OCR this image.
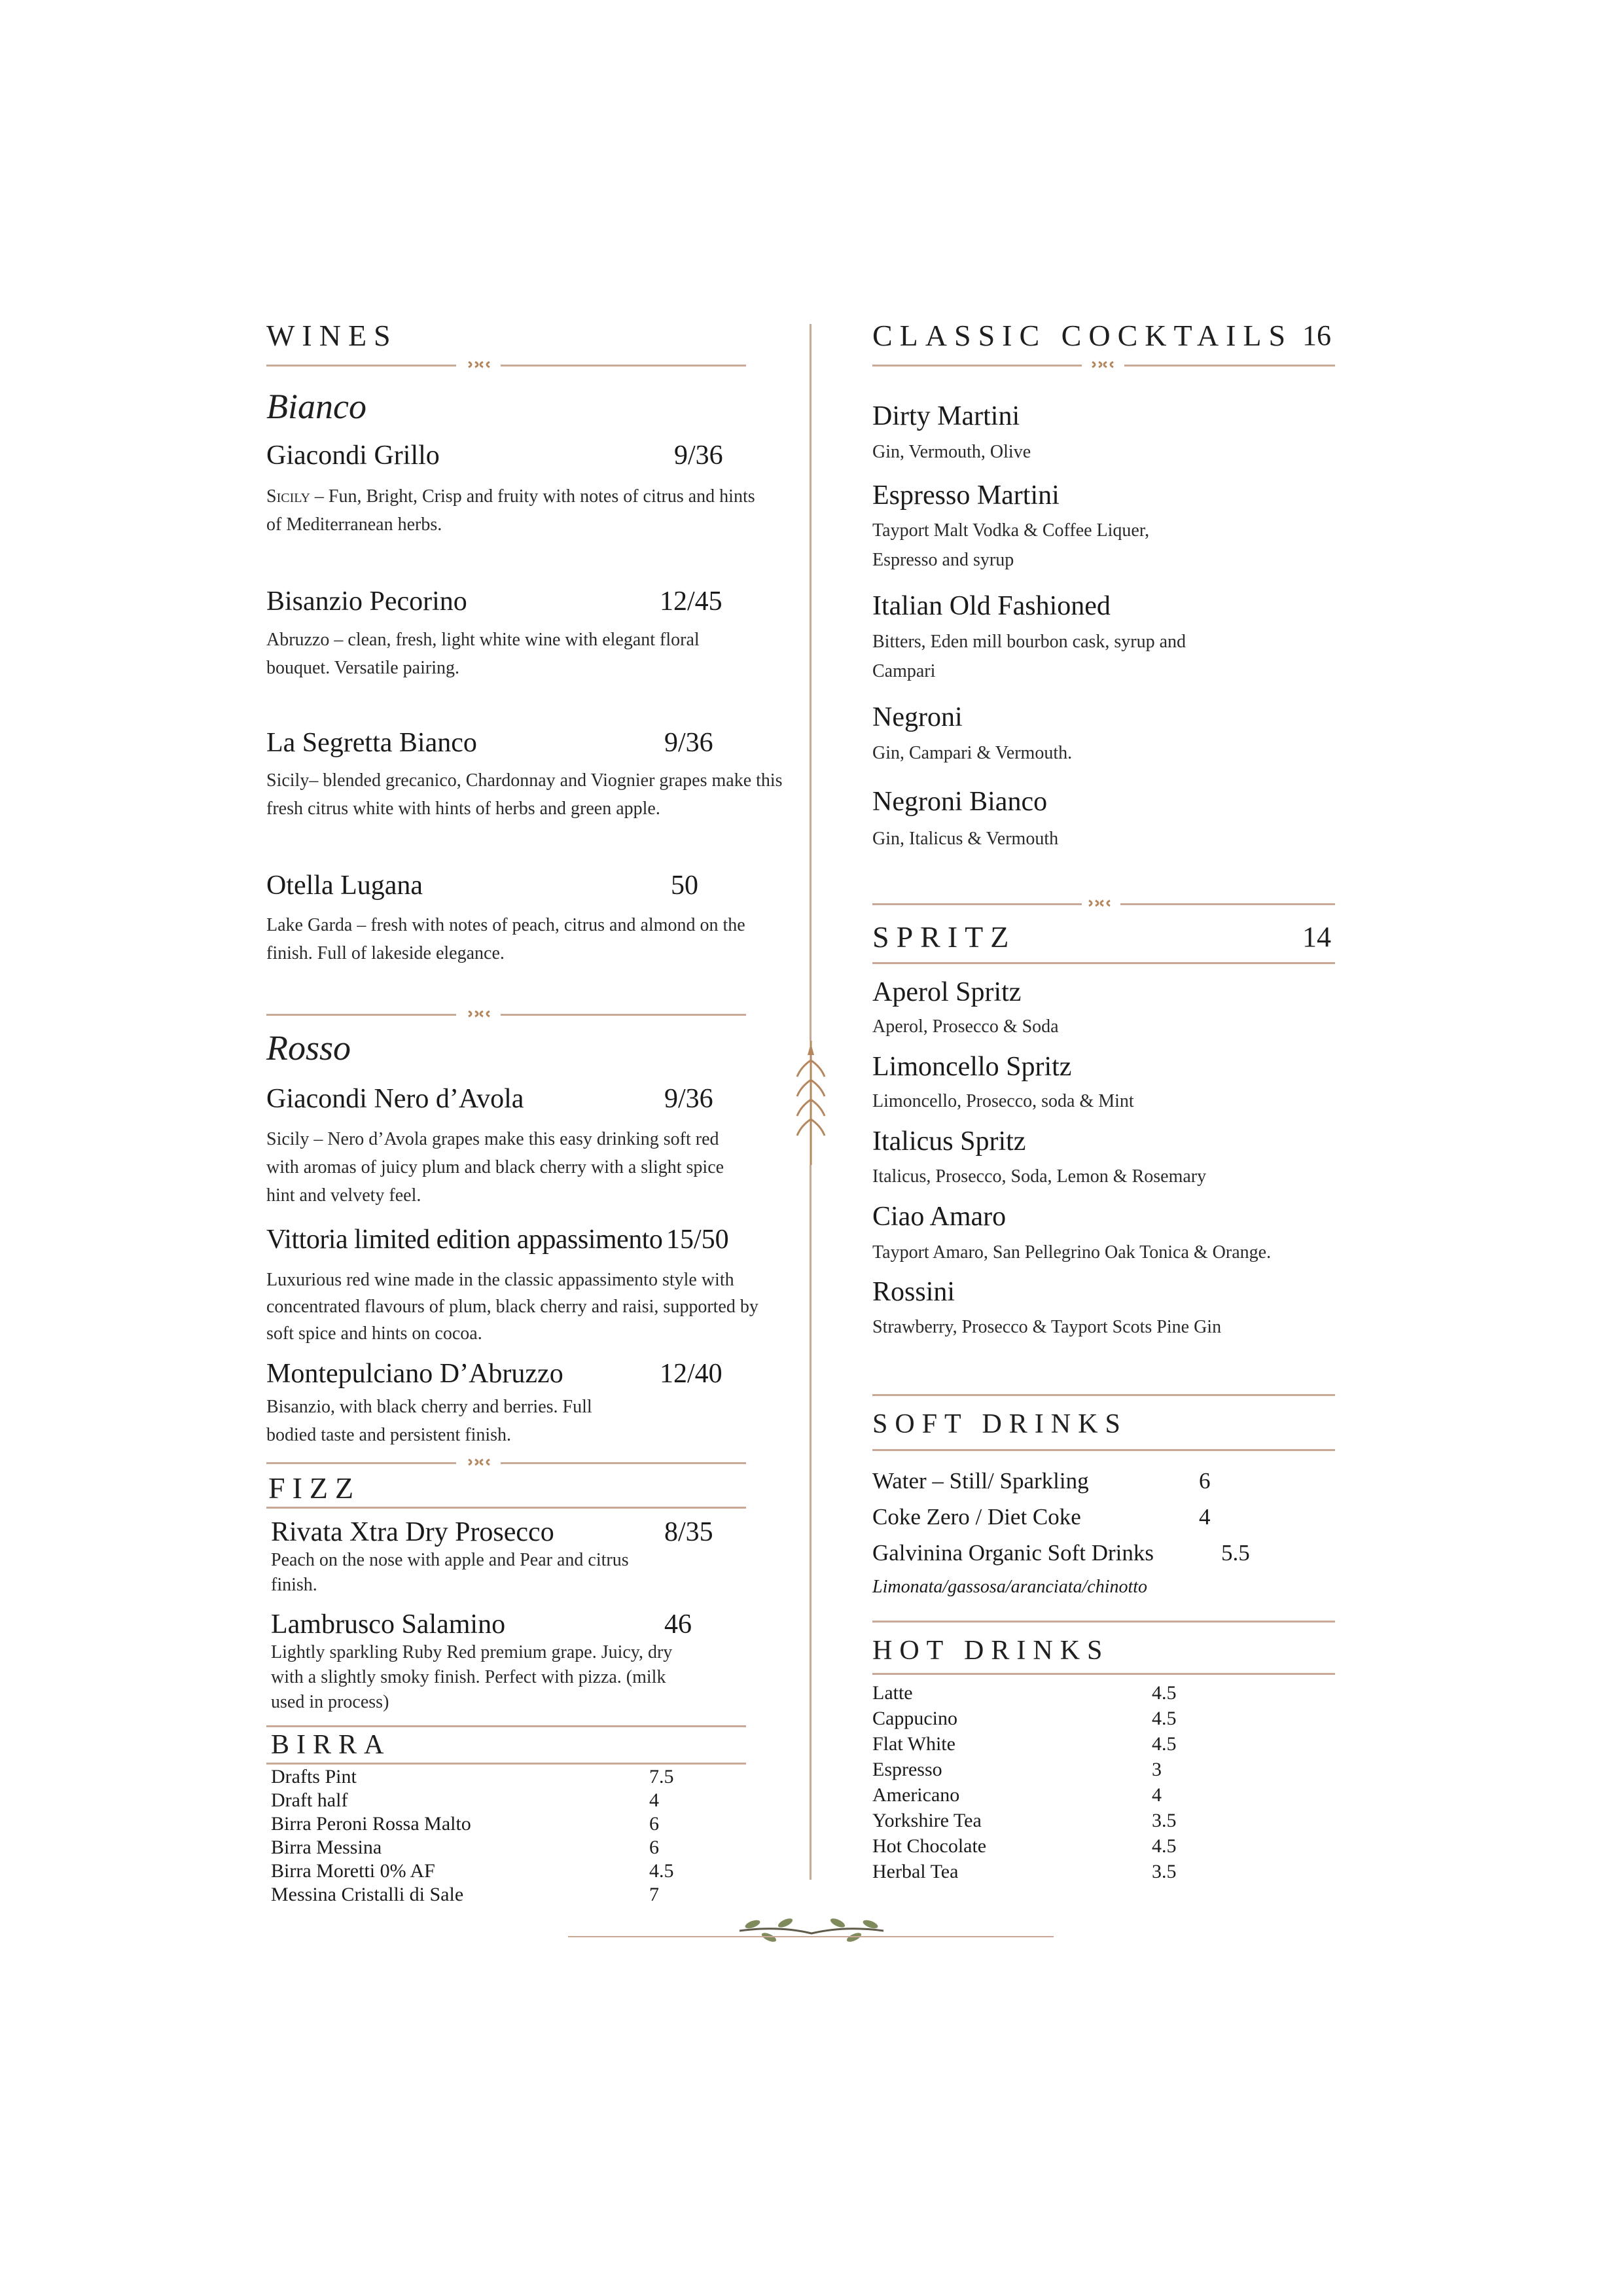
WINES
Bianco
Giacondi Grillo	9/36
Sicily – Fun, Bright, Crisp and fruity with notes of citrus and hints of Mediterranean herbs.
Bisanzio Pecorino	12/45
Abruzzo – clean, fresh, light white wine with elegant floral bouquet. Versatile pairing.
La Segretta Bianco	9/36
Sicily– blended grecanico, Chardonnay and Viognier grapes make this fresh citrus white with hints of herbs and green apple.
Otella Lugana	50
Lake Garda – fresh with notes of peach, citrus and almond on the finish. Full of lakeside elegance.
Rosso
Giacondi Nero d’Avola	9/36
Sicily – Nero d’Avola grapes make this easy drinking soft red with aromas of juicy plum and black cherry with a slight spice hint and velvety feel.
Vittoria limited edition appassimento 15/50
Luxurious red wine made in the classic appassimento style with concentrated flavours of plum, black cherry and raisi, supported by soft spice and hints on cocoa.
Montepulciano D’Abruzzo	12/40
Bisanzio, with black cherry and berries. Full bodied taste and persistent finish.
FIZZ
Rivata Xtra Dry Prosecco	8/35
Peach on the nose with apple and Pear and citrus finish.
Lambrusco Salamino	46
Lightly sparkling Ruby Red premium grape. Juicy, dry with a slightly smoky finish. Perfect with pizza. (milk used in process)
BIRRA
Drafts Pint	7.5
Draft half	4
Birra Peroni Rossa Malto	6
Birra Messina	6
Birra Moretti 0% AF	4.5
Messina Cristalli di Sale	7
CLASSIC COCKTAILS 16
Dirty Martini
Gin, Vermouth, Olive
Espresso Martini
Tayport Malt Vodka & Coffee Liquer, Espresso and syrup
Italian Old Fashioned
Bitters, Eden mill bourbon cask, syrup and Campari
Negroni
Gin, Campari & Vermouth.
Negroni Bianco
Gin, Italicus & Vermouth
SPRITZ	14
Aperol Spritz
Aperol, Prosecco & Soda
Limoncello Spritz
Limoncello, Prosecco, soda & Mint
Italicus Spritz
Italicus, Prosecco, Soda, Lemon & Rosemary
Ciao Amaro
Tayport Amaro, San Pellegrino Oak Tonica & Orange.
Rossini
Strawberry, Prosecco & Tayport Scots Pine Gin
SOFT DRINKS
Water – Still/ Sparkling	6
Coke Zero / Diet Coke	4
Galvinina Organic Soft Drinks	5.5
Limonata/gassosa/aranciata/chinotto
HOT DRINKS
Latte	4.5
Cappucino	4.5
Flat White	4.5
Espresso	3
Americano	4
Yorkshire Tea	3.5
Hot Chocolate	4.5
Herbal Tea	3.5
